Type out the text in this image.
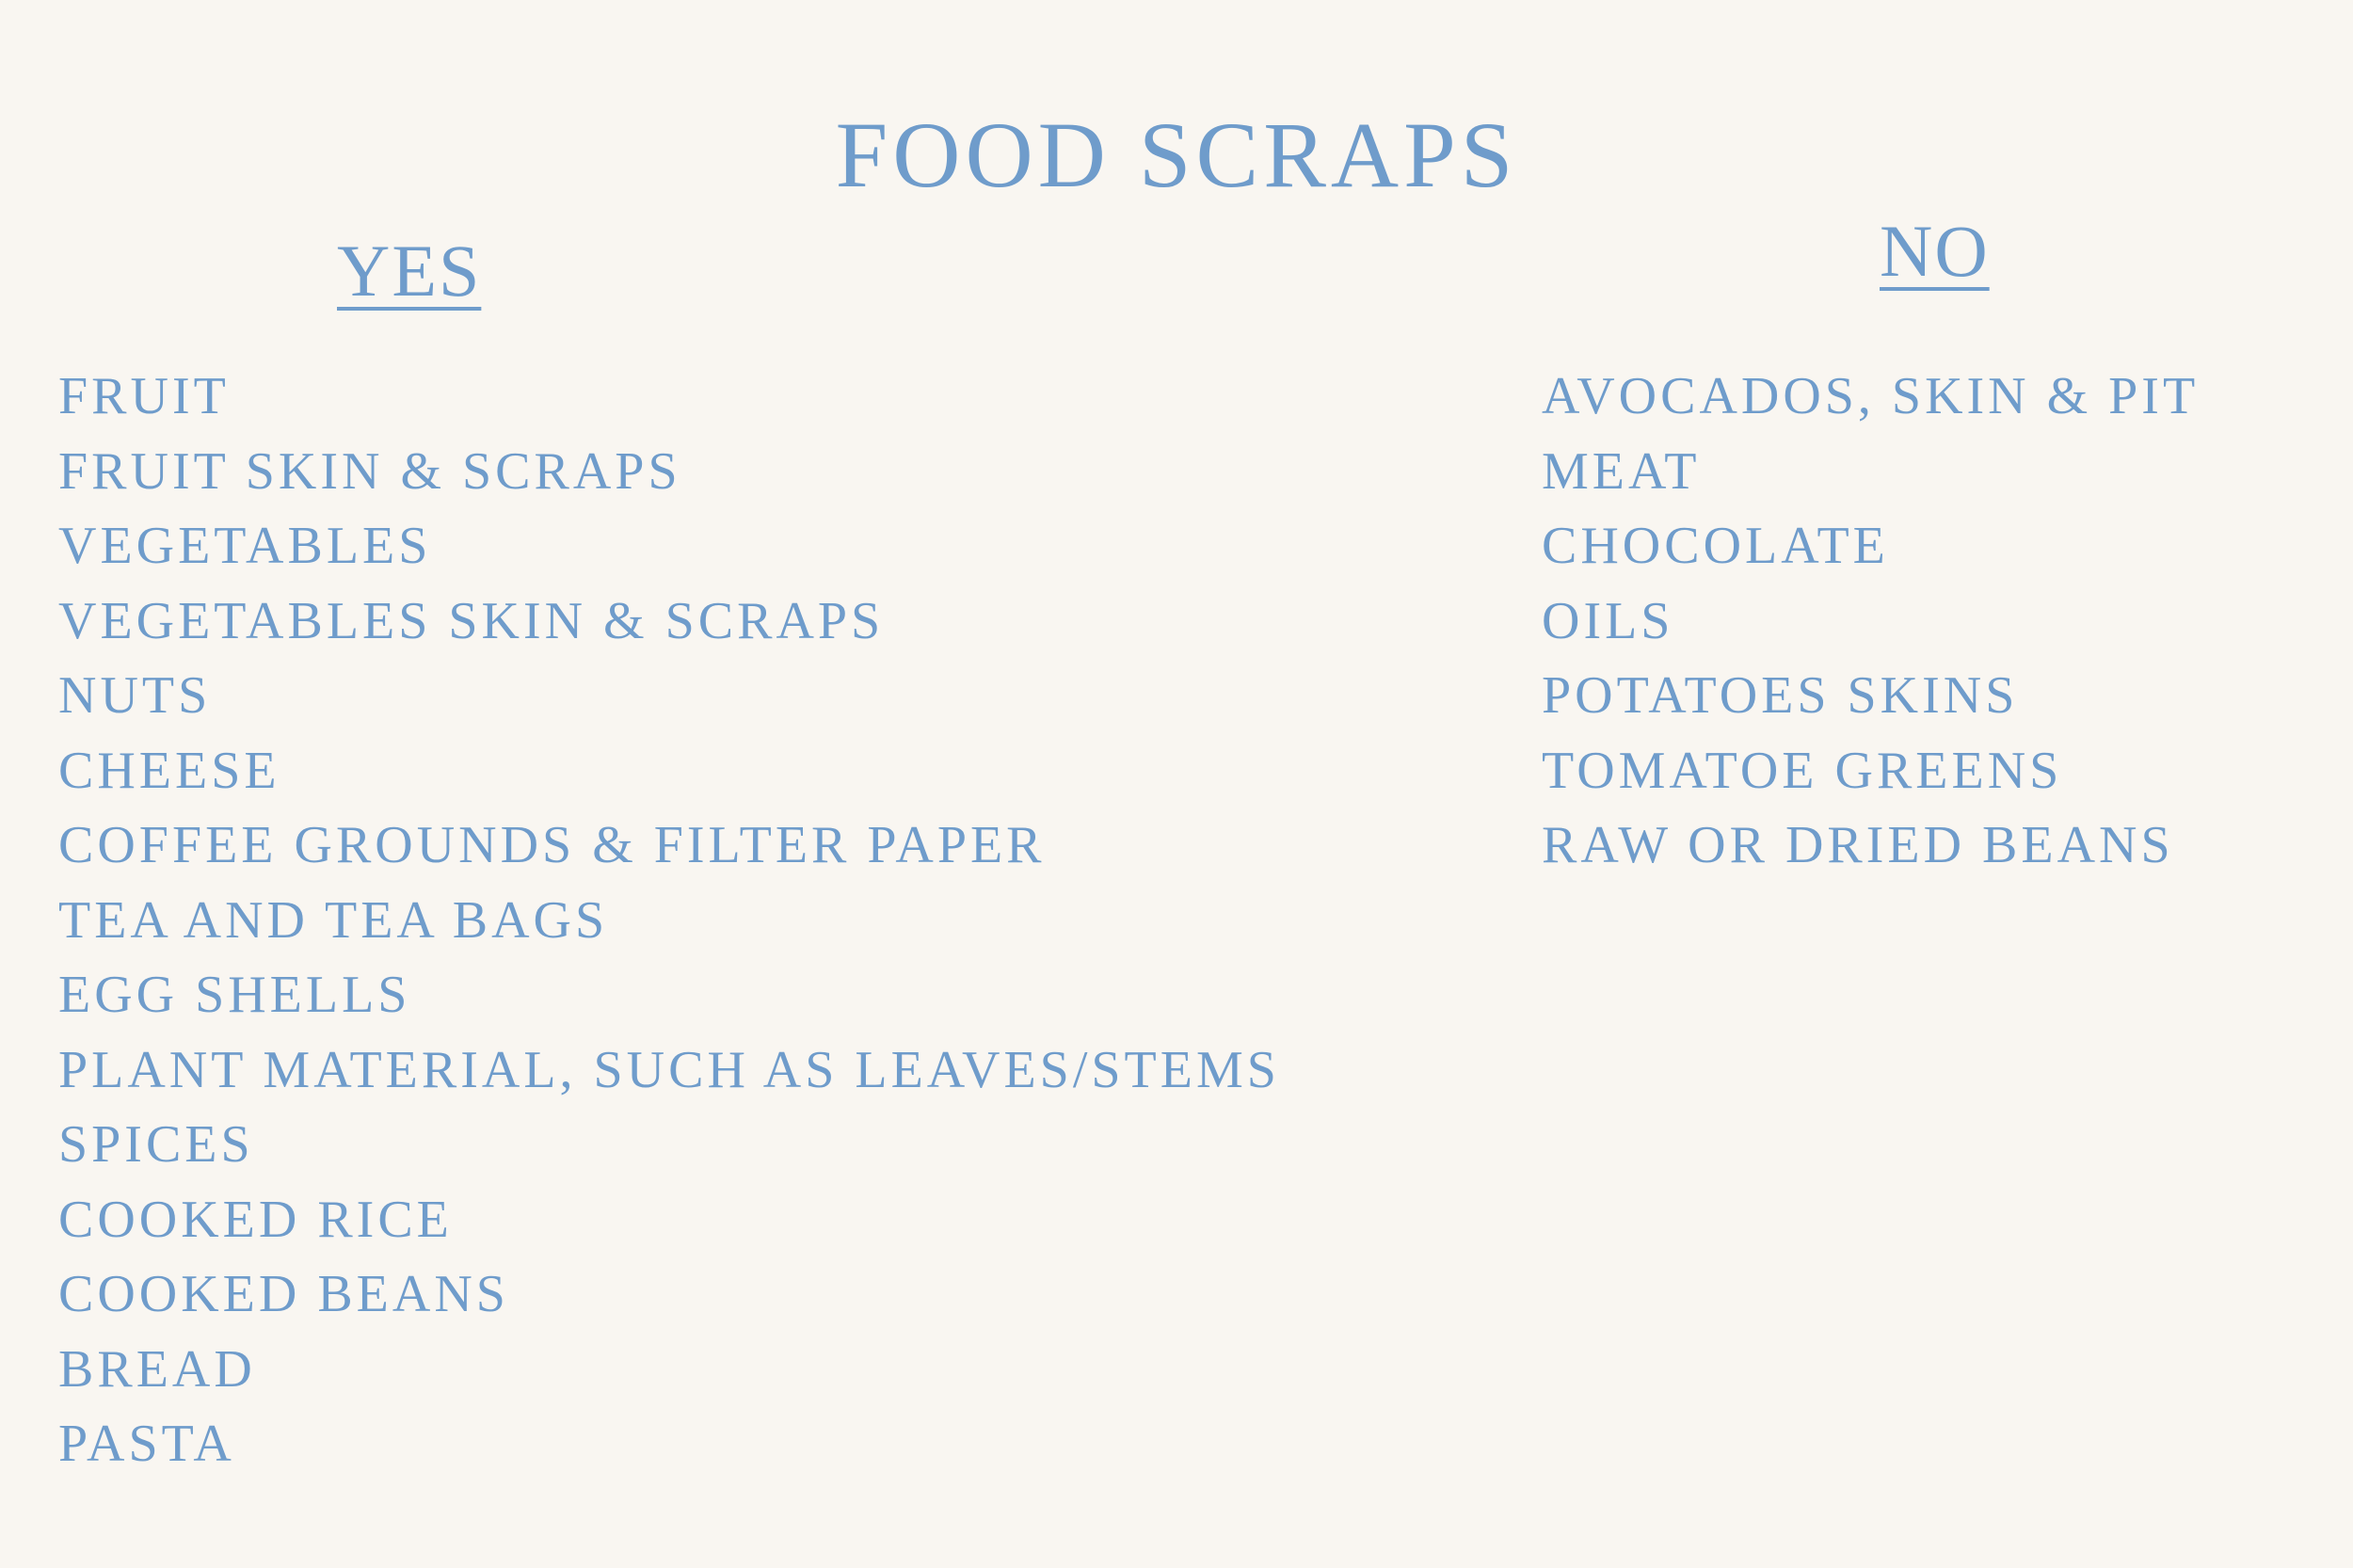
FOOD SCRAPS
YES	NO
FRUIT
FRUIT SKIN & SCRAPS
VEGETABLES
VEGETABLES SKIN & SCRAPS
NUTS
CHEESE
COFFEE GROUNDS & FILTER PAPER
TEA AND TEA BAGS
EGG SHELLS
PLANT MATERIAL, SUCH AS LEAVES/STEMS
SPICES
COOKED RICE
COOKED BEANS
BREAD
PASTA
AVOCADOS, SKIN & PIT
MEAT
CHOCOLATE
OILS
POTATOES SKINS
TOMATOE GREENS
RAW OR DRIED BEANS
